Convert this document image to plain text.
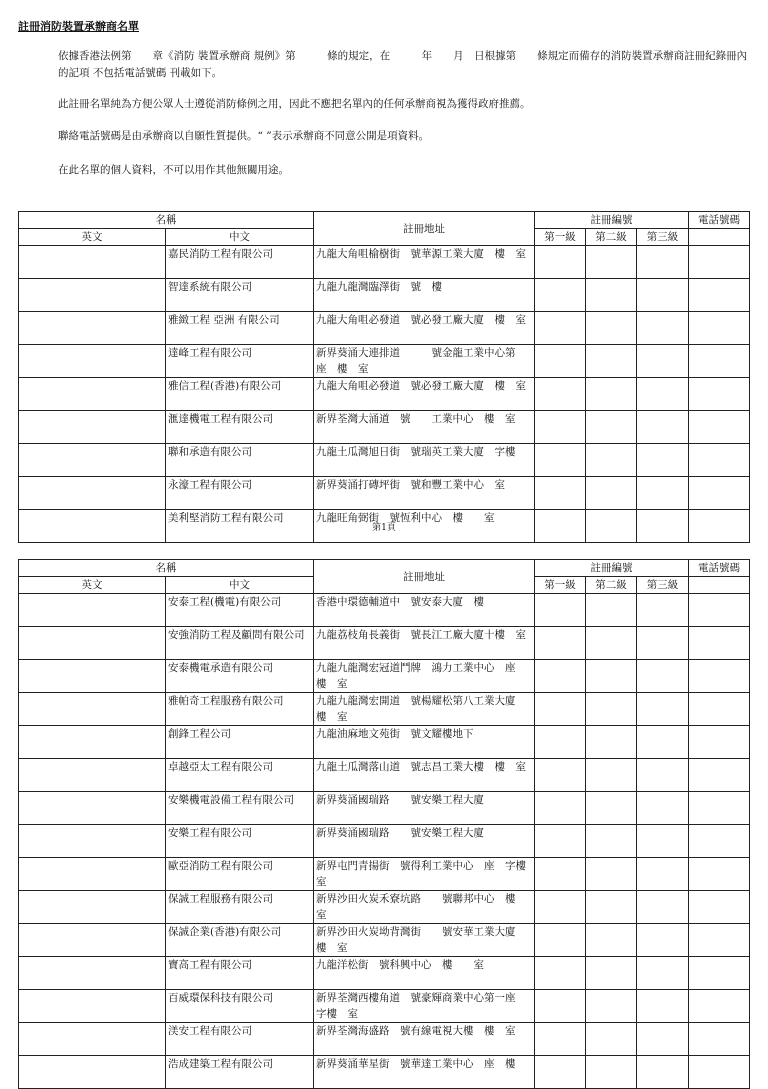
註冊消防裝置承辦商名單
依據香港法例第　　章《消防 裝置承辦商 規例》第　　　條的規定，在　　　年　　月　日根據第　　條規定而備存的消防裝置承辦商註冊紀錄冊內的記項 不包括電話號碼 刊載如下。
此註冊名單純為方便公眾人士遵從消防條例之用，因此不應把名單內的任何承辦商視為獲得政府推薦。
聯絡電話號碼是由承辦商以自願性質提供。“ ”表示承辦商不同意公開是項資料。
在此名單的個人資料，不可以用作其他無關用途。
名稱		註冊地址	註冊編號			電話號碼
英文	中文		第一級	第二級	第三級	
	嘉民消防工程有限公司	九龍大角咀榆樹街　號華源工業大廈　樓　室				
	智達系統有限公司	九龍九龍灣臨澤街　號　樓				
	雅緻工程 亞洲 有限公司	九龍大角咀必發道　號必發工廠大廈　樓　室				
	達峰工程有限公司	新界葵涌大連排道　　　號金龍工業中心第　座　樓　室				
	雅信工程(香港)有限公司	九龍大角咀必發道　號必發工廠大廈　樓　室				
	滙達機電工程有限公司	新界荃灣大涌道　號　　工業中心　樓　室				
	聯和承造有限公司	九龍土瓜灣旭日街　號瑞英工業大廈　字樓				
	永濠工程有限公司	新界葵涌打磚坪街　號和豐工業中心　室				
	美利堅消防工程有限公司	九龍旺角弼街　號恆利中心　樓　　室				
第1頁
名稱		註冊地址	註冊編號			電話號碼
英文	中文		第一級	第二級	第三級	
	安泰工程(機電)有限公司	香港中環德輔道中　號安泰大廈　樓				
	安強消防工程及顧問有限公司	九龍荔枝角長義街　號長江工廠大廈十樓　室				
	安泰機電承造有限公司	九龍九龍灣宏冠道鬥牌　鴻力工業中心　座　樓　室				
	雅帕奇工程服務有限公司	九龍九龍灣宏開道　號楊耀松第八工業大廈　樓　室				
	創鋒工程公司	九龍油麻地文苑街　號文耀樓地下				
	卓越亞太工程有限公司	九龍土瓜灣落山道　號志昌工業大樓　樓　室				
	安樂機電設備工程有限公司	新界葵涌國瑞路　　號安樂工程大廈				
	安樂工程有限公司	新界葵涌國瑞路　　號安樂工程大廈				
	歐亞消防工程有限公司	新界屯門青揚街　號得利工業中心　座　字樓　室				
	保誠工程服務有限公司	新界沙田火炭禾寮坑路　　號聯邦中心　樓　室				
	保誠企業(香港)有限公司	新界沙田火炭坳背灣街　　號安華工業大廈　樓　室				
	寶高工程有限公司	九龍洋松街　號科興中心　樓　　室				
	百威環保科技有限公司	新界荃灣西樓角道　號豪輝商業中心第一座　字樓　室				
	渼安工程有限公司	新界荃灣海盛路　號有線電視大樓　樓　室				
	浩成建築工程有限公司	新界葵涌華星街　號華達工業中心　座　樓				
